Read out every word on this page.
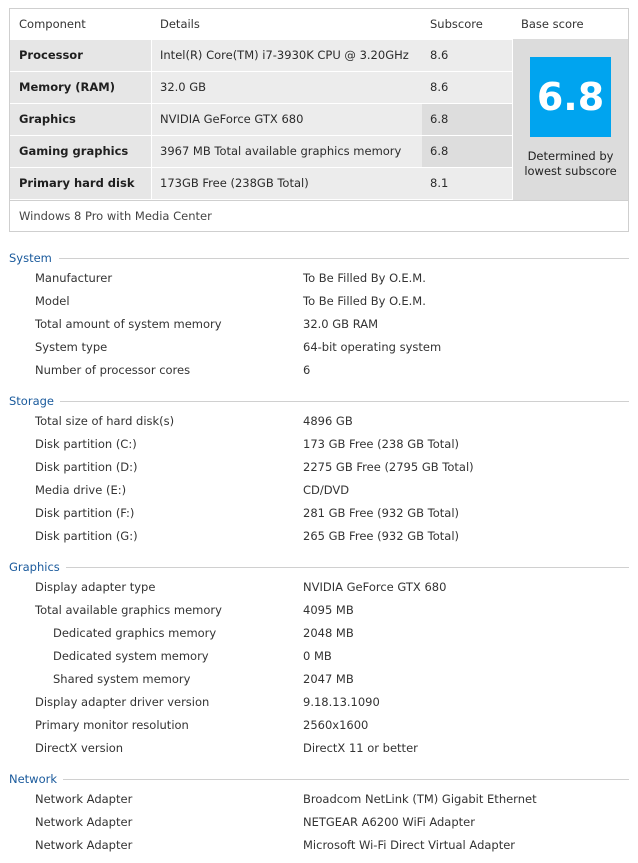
Component	Details	Subscore	Base score
Processor	Intel(R) Core(TM) i7-3930K CPU @ 3.20GHz	8.6
Memory (RAM)	32.0 GB	8.6
Graphics	NVIDIA GeForce GTX 680	6.8
Gaming graphics	3967 MB Total available graphics memory	6.8
Primary hard disk	173GB Free (238GB Total)	8.1
6.8
Determined by
lowest subscore
Windows 8 Pro with Media Center
System
Manufacturer	To Be Filled By O.E.M.
Model	To Be Filled By O.E.M.
Total amount of system memory	32.0 GB RAM
System type	64-bit operating system
Number of processor cores	6
Storage
Total size of hard disk(s)	4896 GB
Disk partition (C:)	173 GB Free (238 GB Total)
Disk partition (D:)	2275 GB Free (2795 GB Total)
Media drive (E:)	CD/DVD
Disk partition (F:)	281 GB Free (932 GB Total)
Disk partition (G:)	265 GB Free (932 GB Total)
Graphics
Display adapter type	NVIDIA GeForce GTX 680
Total available graphics memory	4095 MB
Dedicated graphics memory	2048 MB
Dedicated system memory	0 MB
Shared system memory	2047 MB
Display adapter driver version	9.18.13.1090
Primary monitor resolution	2560x1600
DirectX version	DirectX 11 or better
Network
Network Adapter	Broadcom NetLink (TM) Gigabit Ethernet
Network Adapter	NETGEAR A6200 WiFi Adapter
Network Adapter	Microsoft Wi-Fi Direct Virtual Adapter
